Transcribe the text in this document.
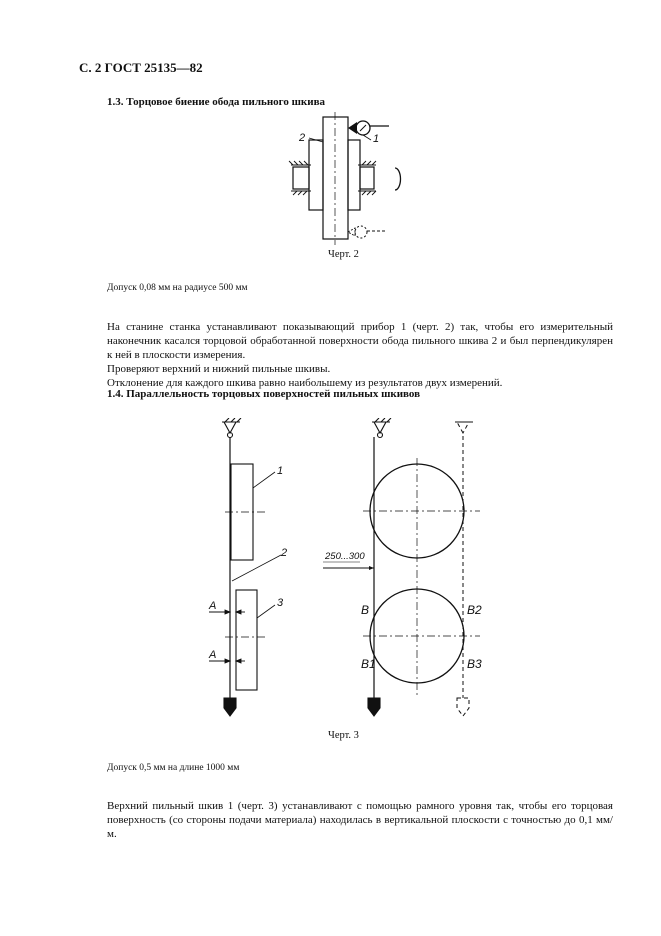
С. 2 ГОСТ 25135—82
1.3. Торцовое биение обода пильного шкива
2	1
Черт. 2
Допуск 0,08 мм на радиусе 500 мм
На станине станка устанавливают показывающий прибор 1 (черт. 2) так, чтобы его измерительный наконечник касался торцовой обработанной поверхности обода пильного шкива 2 и был перпендикулярен к ней в плоскости измерения.
Проверяют верхний и нижний пильные шкивы.
Отклонение для каждого шкива равно наибольшему из результатов двух измерений.
1.4. Параллельность торцовых поверхностей пильных шкивов
1
2
3
A
A
250...300
B	B2
B1	B3
Черт. 3
Допуск 0,5 мм на длине 1000 мм
Верхний пильный шкив 1 (черт. 3) устанавливают с помощью рамного уровня так, чтобы его торцовая поверхность (со стороны подачи материала) находилась в вертикальной плоскости с точностью до 0,1 мм/м.
